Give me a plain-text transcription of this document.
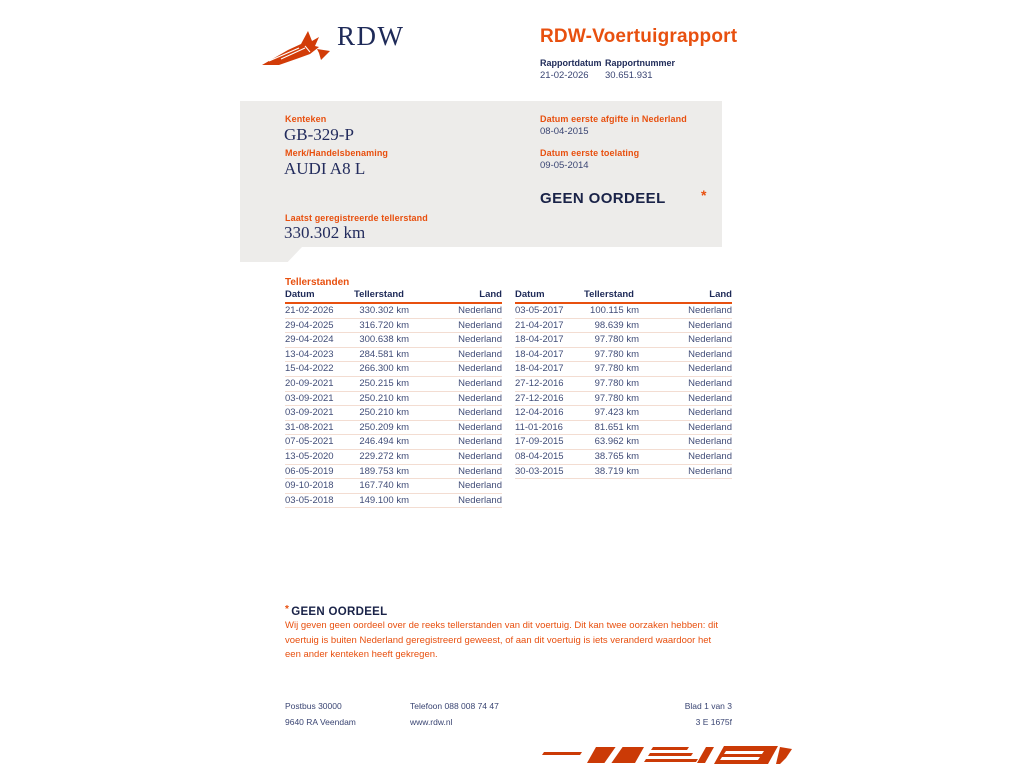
RDW	RDW-Voertuigrapport
Rapportdatum Rapportnummer
21-02-2026 30.651.931
Kenteken
GB-329-P
Merk/Handelsbenaming
AUDI A8 L
Laatst geregistreerde tellerstand
330.302 km
Datum eerste afgifte in Nederland
08-04-2015
Datum eerste toelating
09-05-2014
GEEN OORDEEL	*
Tellerstanden
Datum	Tellerstand	Land
21-02-2026	330.302 km	Nederland
29-04-2025	316.720 km	Nederland
29-04-2024	300.638 km	Nederland
13-04-2023	284.581 km	Nederland
15-04-2022	266.300 km	Nederland
20-09-2021	250.215 km	Nederland
03-09-2021	250.210 km	Nederland
03-09-2021	250.210 km	Nederland
31-08-2021	250.209 km	Nederland
07-05-2021	246.494 km	Nederland
13-05-2020	229.272 km	Nederland
06-05-2019	189.753 km	Nederland
09-10-2018	167.740 km	Nederland
03-05-2018	149.100 km	Nederland
Datum	Tellerstand	Land
03-05-2017	100.115 km	Nederland
21-04-2017	98.639 km	Nederland
18-04-2017	97.780 km	Nederland
18-04-2017	97.780 km	Nederland
18-04-2017	97.780 km	Nederland
27-12-2016	97.780 km	Nederland
27-12-2016	97.780 km	Nederland
12-04-2016	97.423 km	Nederland
11-01-2016	81.651 km	Nederland
17-09-2015	63.962 km	Nederland
08-04-2015	38.765 km	Nederland
30-03-2015	38.719 km	Nederland
* GEEN OORDEEL
Wij geven geen oordeel over de reeks tellerstanden van dit voertuig. Dit kan twee oorzaken hebben: dit voertuig is buiten Nederland geregistreerd geweest, of aan dit voertuig is iets veranderd waardoor het een ander kenteken heeft gekregen.
Postbus 30000
9640 RA Veendam
Telefoon 088 008 74 47
www.rdw.nl
Blad 1 van 3
3 E 1675f
